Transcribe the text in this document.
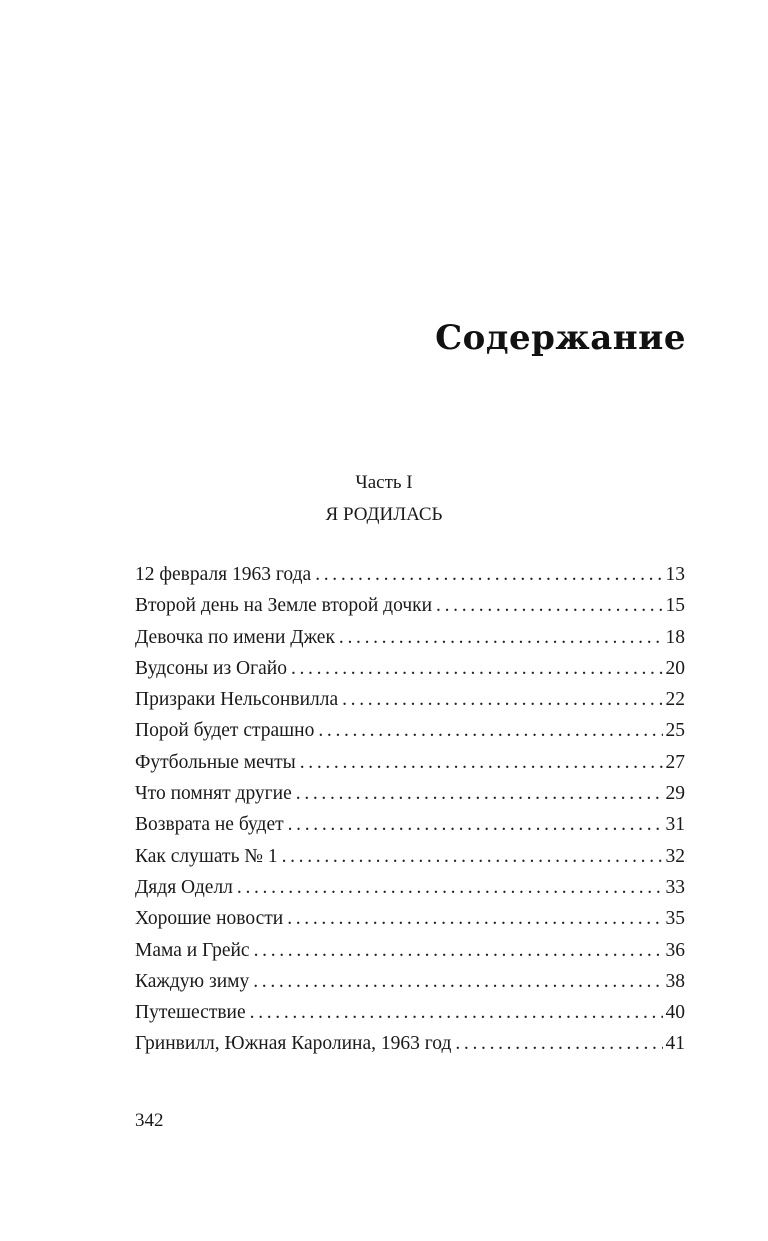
Содержание
Часть I
Я РОДИЛАСЬ
12 февраля 1963 года . . .	13
Второй день на Земле второй дочки . . .	15
Девочка по имени Джек . . .	18
Вудсоны из Огайо . . .	20
Призраки Нельсонвилла . . .	22
Порой будет страшно . . .	25
Футбольные мечты . . .	27
Что помнят другие . . .	29
Возврата не будет . . .	31
Как слушать № 1 . . .	32
Дядя Оделл . . .	33
Хорошие новости . . .	35
Мама и Грейс . . .	36
Каждую зиму . . .	38
Путешествие . . .	40
Гринвилл, Южная Каролина, 1963 год . . .	41
342
